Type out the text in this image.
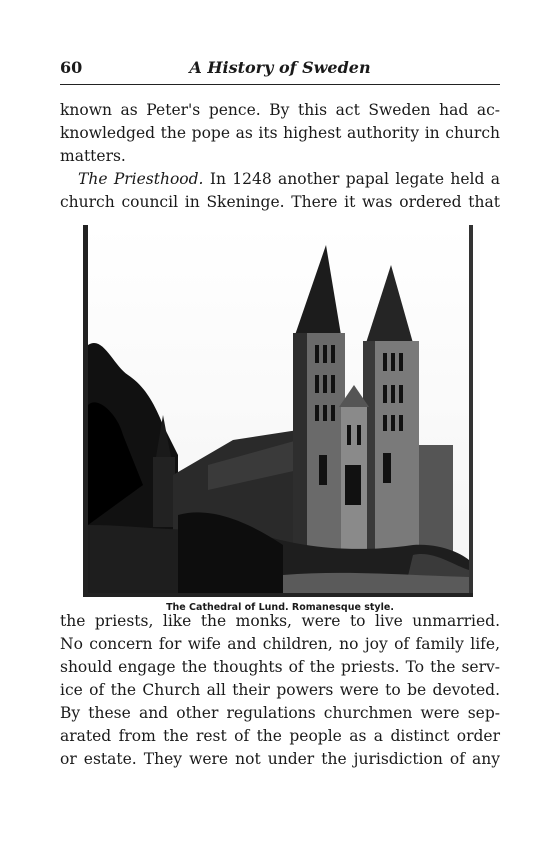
60	A History of Sweden

known as Peter's pence. By this act Sweden had ac-
knowledged the pope as its highest authority in church
matters.

The Priesthood. In 1248 another papal legate held a
church council in Skeninge. There it was ordered that

The Cathedral of Lund. Romanesque style.

the priests, like the monks, were to live unmarried.
No concern for wife and children, no joy of family life,
should engage the thoughts of the priests. To the serv-
ice of the Church all their powers were to be devoted.
By these and other regulations churchmen were sep-
arated from the rest of the people as a distinct order
or estate. They were not under the jurisdiction of any
